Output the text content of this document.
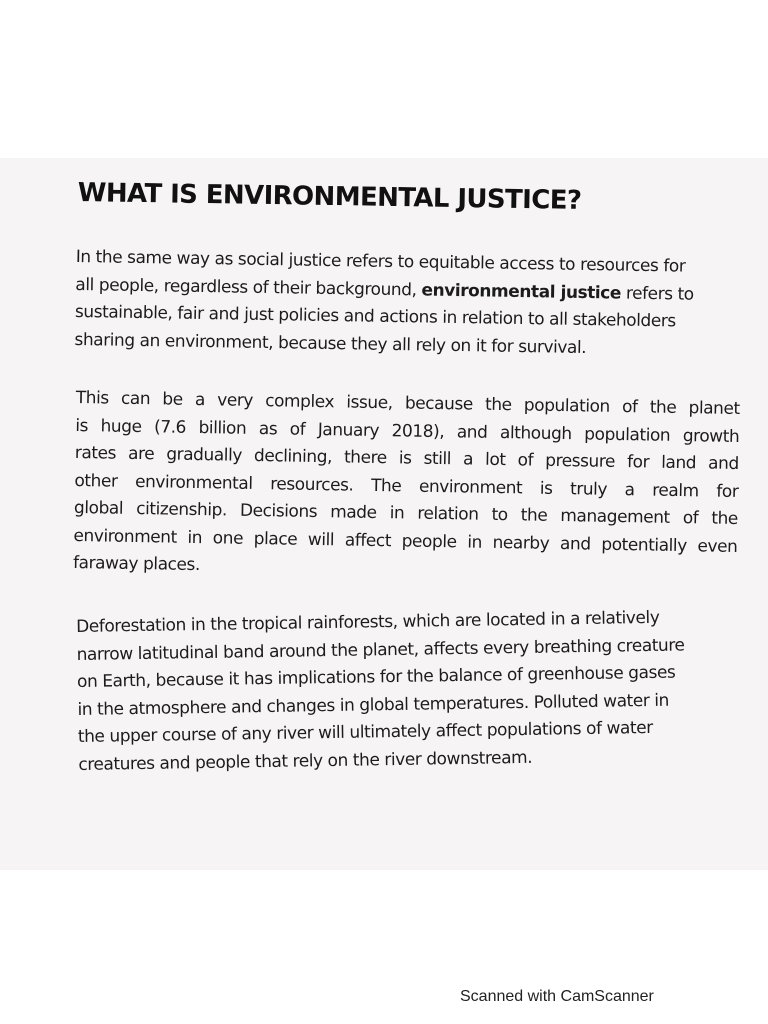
WHAT IS ENVIRONMENTAL JUSTICE?

In the same way as social justice refers to equitable access to resources for
all people, regardless of their background, environmental justice refers to
sustainable, fair and just policies and actions in relation to all stakeholders
sharing an environment, because they all rely on it for survival.

This can be a very complex issue, because the population of the planet
is huge (7.6 billion as of January 2018), and although population growth
rates are gradually declining, there is still a lot of pressure for land and
other environmental resources. The environment is truly a realm for
global citizenship. Decisions made in relation to the management of the
environment in one place will affect people in nearby and potentially even
faraway places.

Deforestation in the tropical rainforests, which are located in a relatively
narrow latitudinal band around the planet, affects every breathing creature
on Earth, because it has implications for the balance of greenhouse gases
in the atmosphere and changes in global temperatures. Polluted water in
the upper course of any river will ultimately affect populations of water
creatures and people that rely on the river downstream.

Scanned with CamScanner
